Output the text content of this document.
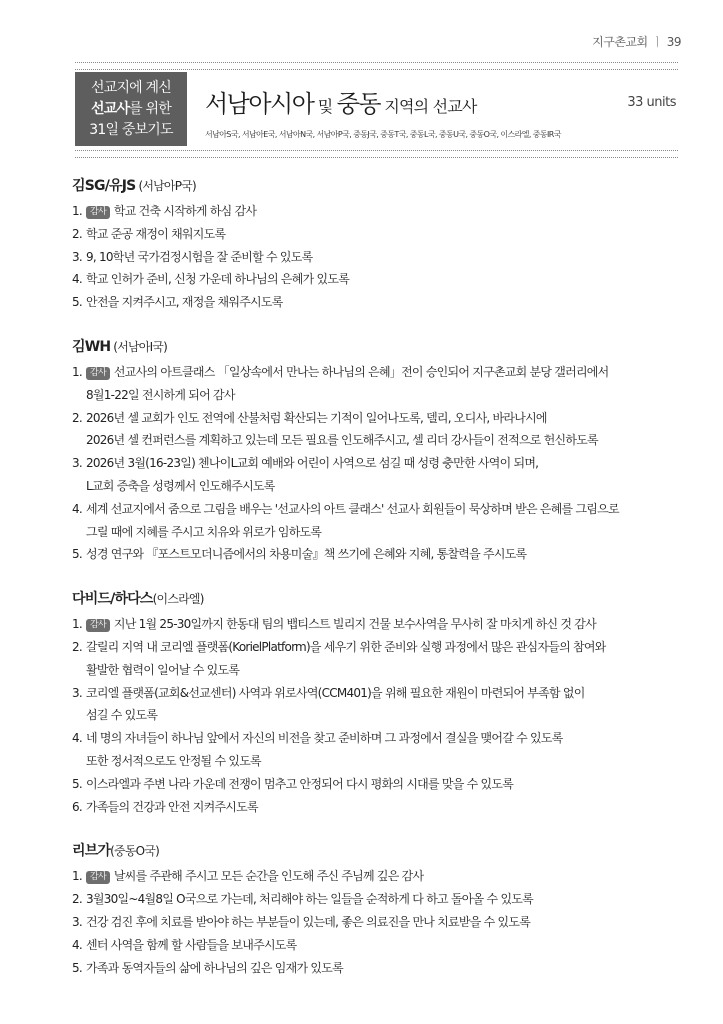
지구촌교회 ㅣ 39
선교지에 계신
선교사를 위한
31일 중보기도
서남아시아 및 중동 지역의 선교사	33 units
서남아S국, 서남아E국, 서남아N국, 서남아P국, 중동J국, 중동T국, 중동L국, 중동U국, 중동O국, 이스라엘, 중동IR국
김SG/유JS (서남아P국)
1. 감사 학교 건축 시작하게 하심 감사
2. 학교 준공 재정이 채워지도록
3. 9, 10학년 국가검정시험을 잘 준비할 수 있도록
4. 학교 인허가 준비, 신청 가운데 하나님의 은혜가 있도록
5. 안전을 지켜주시고, 재정을 채워주시도록
김WH (서남아I국)
1. 감사 선교사의 아트클래스 「일상속에서 만나는 하나님의 은혜」전이 승인되어 지구촌교회 분당 갤러리에서
8월1-22일 전시하게 되어 감사
2. 2026년 셀 교회가 인도 전역에 산불처럼 확산되는 기적이 일어나도록, 델리, 오디사, 바라나시에
2026년 셀 컨퍼런스를 계획하고 있는데 모든 필요를 인도해주시고, 셀 리더 강사들이 전적으로 헌신하도록
3. 2026년 3월(16-23일) 첸나이L교회 예배와 어린이 사역으로 섬길 때 성령 충만한 사역이 되며,
L교회 증축을 성령께서 인도해주시도록
4. 세계 선교지에서 줌으로 그림을 배우는 '선교사의 아트 클래스' 선교사 회원들이 묵상하며 받은 은혜를 그림으로
그릴 때에 지혜를 주시고 치유와 위로가 임하도록
5. 성경 연구와 『포스트모더니즘에서의 차용미술』책 쓰기에 은혜와 지혜, 통찰력을 주시도록
다비드/하다스(이스라엘)
1. 감사 지난 1월 25-30일까지 한동대 팀의 뱁티스트 빌리지 건물 보수사역을 무사히 잘 마치게 하신 것 감사
2. 갈릴리 지역 내 코리엘 플랫폼(KorielPlatform)을 세우기 위한 준비와 실행 과정에서 많은 관심자들의 참여와
활발한 협력이 일어날 수 있도록
3. 코리엘 플랫폼(교회&선교센터) 사역과 위로사역(CCM401)을 위해 필요한 재원이 마련되어 부족함 없이
섬길 수 있도록
4. 네 명의 자녀들이 하나님 앞에서 자신의 비전을 찾고 준비하며 그 과정에서 결실을 맺어갈 수 있도록
또한 정서적으로도 안정될 수 있도록
5. 이스라엘과 주변 나라 가운데 전쟁이 멈추고 안정되어 다시 평화의 시대를 맞을 수 있도록
6. 가족들의 건강과 안전 지켜주시도록
리브가(중동O국)
1. 감사 날씨를 주관해 주시고 모든 순간을 인도해 주신 주님께 깊은 감사
2. 3월30일~4월8일 O국으로 가는데, 처리해야 하는 일들을 순적하게 다 하고 돌아올 수 있도록
3. 건강 검진 후에 치료를 받아야 하는 부분들이 있는데, 좋은 의료진을 만나 치료받을 수 있도록
4. 센터 사역을 함께 할 사람들을 보내주시도록
5. 가족과 동역자들의 삶에 하나님의 깊은 임재가 있도록
